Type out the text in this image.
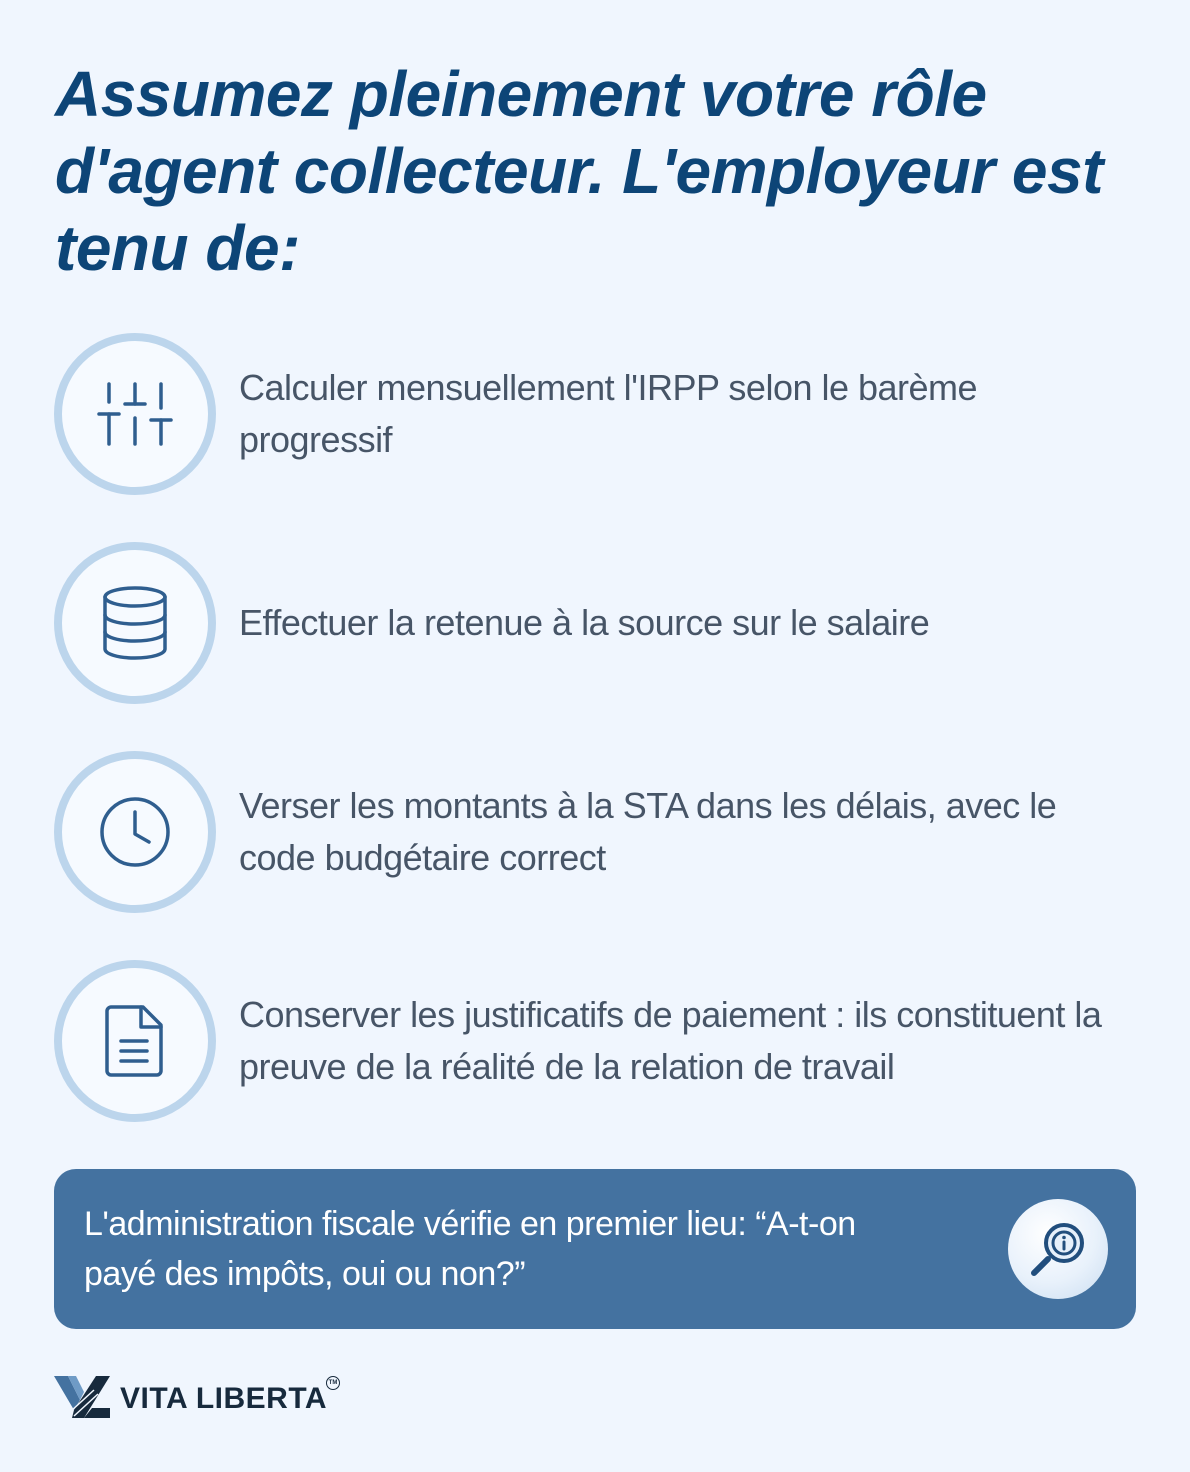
Assumez pleinement votre rôle d'agent collecteur. L'employeur est tenu de:
Calculer mensuellement l'IRPP selon le barème progressif
Effectuer la retenue à la source sur le salaire
Verser les montants à la STA dans les délais, avec le code budgétaire correct
Conserver les justificatifs de paiement : ils constituent la preuve de la réalité de la relation de travail
L'administration fiscale vérifie en premier lieu: “A-t-on payé des impôts, oui ou non?”
VITA LIBERTA TM
